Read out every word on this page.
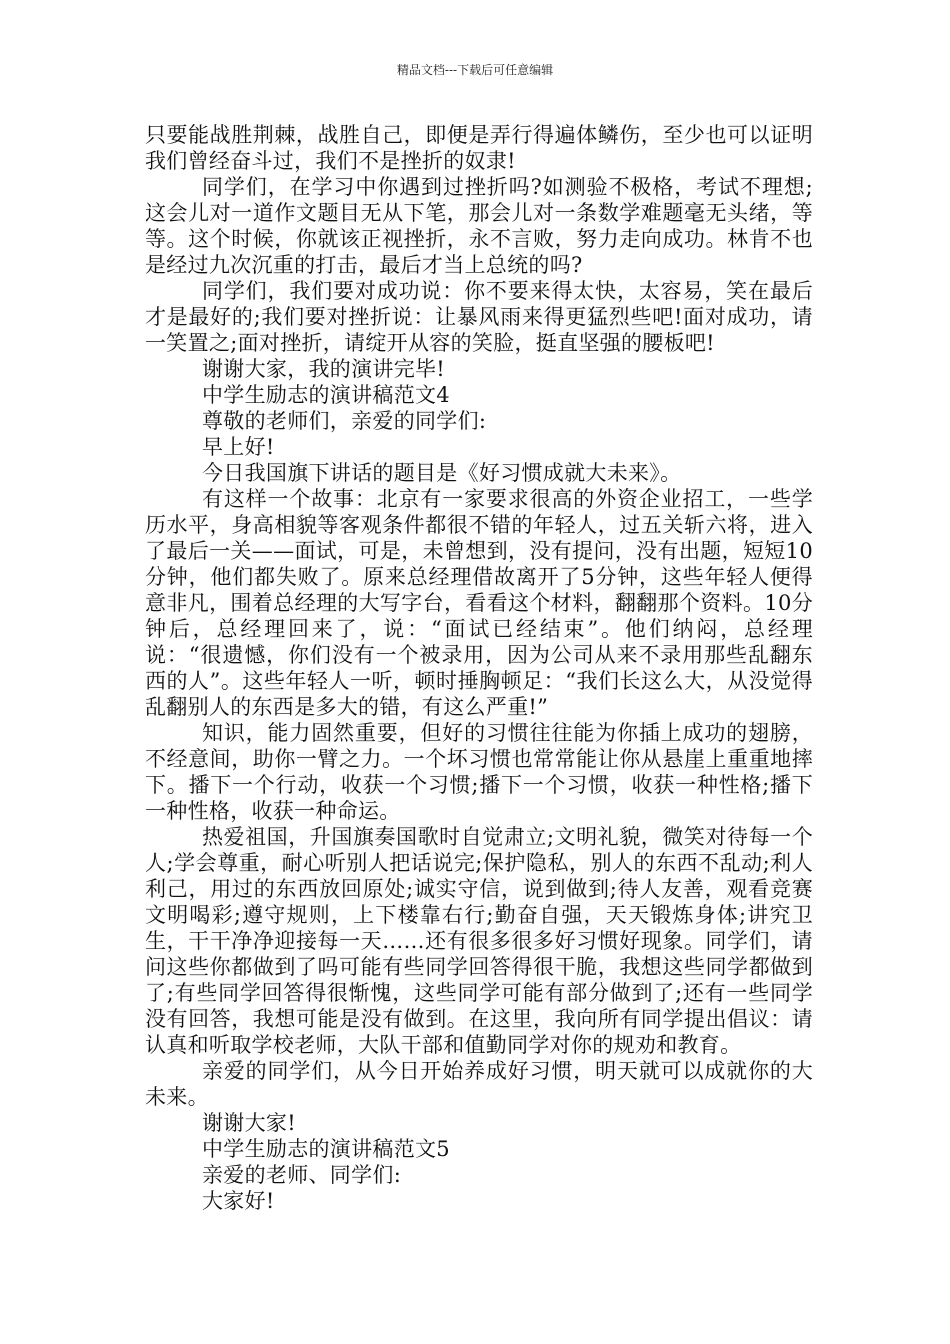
精品文档---下载后可任意编辑

只要能战胜荆棘，战胜自己，即便是弄行得遍体鳞伤，至少也可以证明我们曾经奋斗过，我们不是挫折的奴隶!

同学们，在学习中你遇到过挫折吗?如测验不极格，考试不理想;这会儿对一道作文题目无从下笔，那会儿对一条数学难题毫无头绪，等等。这个时候，你就该正视挫折，永不言败，努力走向成功。林肯不也是经过九次沉重的打击，最后才当上总统的吗?

同学们，我们要对成功说：你不要来得太快，太容易，笑在最后才是最好的;我们要对挫折说：让暴风雨来得更猛烈些吧!面对成功，请一笑置之;面对挫折，请绽开从容的笑脸，挺直坚强的腰板吧!

谢谢大家，我的演讲完毕!

中学生励志的演讲稿范文4

尊敬的老师们，亲爱的同学们:

早上好!

今日我国旗下讲话的题目是《好习惯成就大未来》。

有这样一个故事：北京有一家要求很高的外资企业招工，一些学历水平，身高相貌等客观条件都很不错的年轻人，过五关斩六将，进入了最后一关——面试，可是，未曾想到，没有提问，没有出题，短短10分钟，他们都失败了。原来总经理借故离开了5分钟，这些年轻人便得意非凡，围着总经理的大写字台，看看这个材料，翻翻那个资料。10分钟后，总经理回来了，说：“面试已经结束”。他们纳闷，总经理说：“很遗憾，你们没有一个被录用，因为公司从来不录用那些乱翻东西的人”。这些年轻人一听，顿时捶胸顿足：“我们长这么大，从没觉得乱翻别人的东西是多大的错，有这么严重!”

知识，能力固然重要，但好的习惯往往能为你插上成功的翅膀，不经意间，助你一臂之力。一个坏习惯也常常能让你从悬崖上重重地摔下。播下一个行动，收获一个习惯;播下一个习惯，收获一种性格;播下一种性格，收获一种命运。

热爱祖国，升国旗奏国歌时自觉肃立;文明礼貌，微笑对待每一个人;学会尊重，耐心听别人把话说完;保护隐私，别人的东西不乱动;利人利己，用过的东西放回原处;诚实守信，说到做到;待人友善，观看竞赛文明喝彩;遵守规则，上下楼靠右行;勤奋自强，天天锻炼身体;讲究卫生，干干净净迎接每一天……还有很多很多好习惯好现象。同学们，请问这些你都做到了吗可能有些同学回答得很干脆，我想这些同学都做到了;有些同学回答得很惭愧，这些同学可能有部分做到了;还有一些同学没有回答，我想可能是没有做到。在这里，我向所有同学提出倡议：请认真和听取学校老师，大队干部和值勤同学对你的规劝和教育。

亲爱的同学们，从今日开始养成好习惯，明天就可以成就你的大未来。

谢谢大家!

中学生励志的演讲稿范文5

亲爱的老师、同学们:

大家好!
